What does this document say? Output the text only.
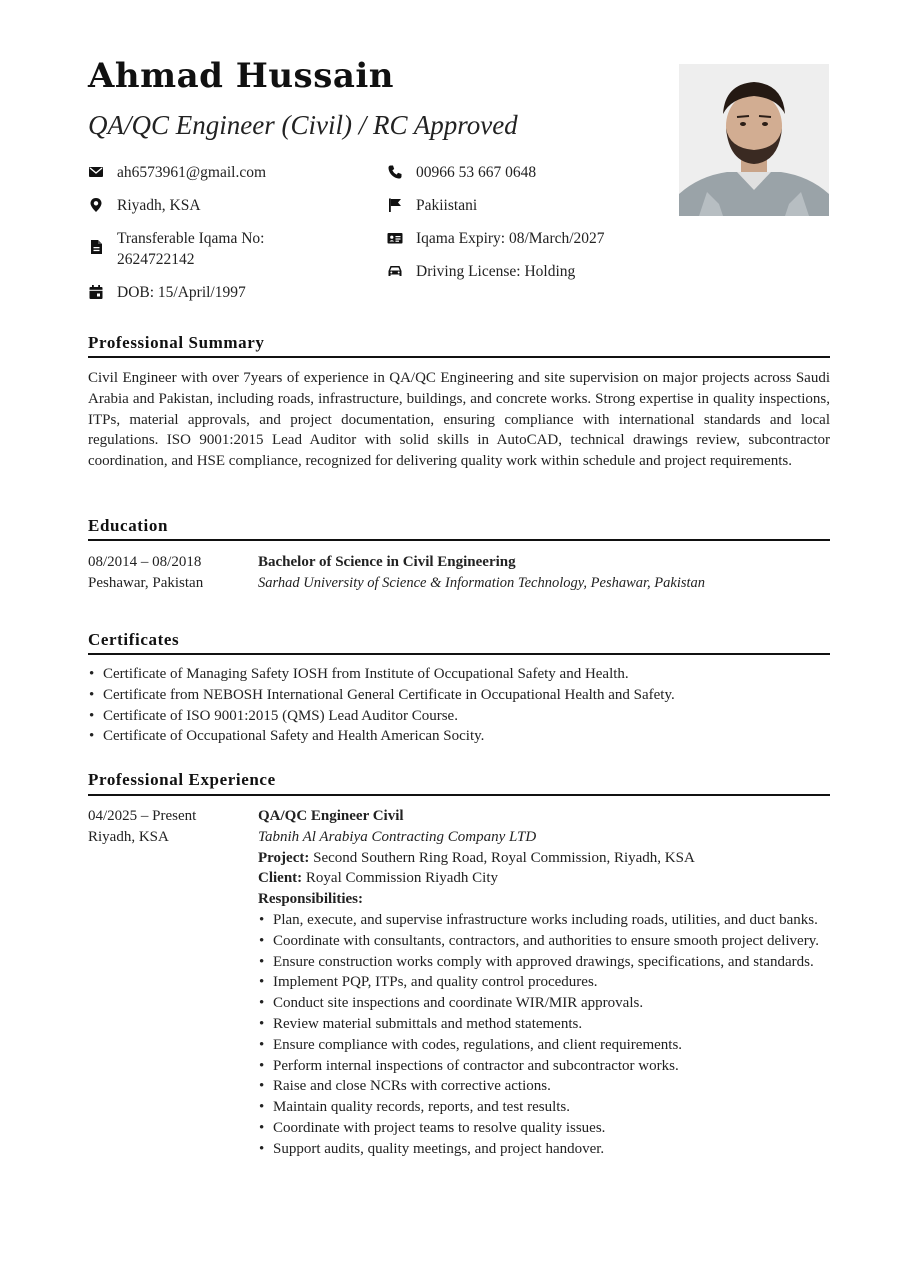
Ahmad Hussain
QA/QC Engineer (Civil) / RC Approved
ah6573961@gmail.com
Riyadh, KSA
Transferable Iqama No:
2624722142
DOB: 15/April/1997
00966 53 667 0648
Pakiistani
Iqama Expiry: 08/March/2027
Driving License: Holding
Professional Summary
Civil Engineer with over 7years of experience in QA/QC Engineering and site supervision on major projects across Saudi Arabia and Pakistan, including roads, infrastructure, buildings, and concrete works. Strong expertise in quality inspections, ITPs, material approvals, and project documentation, ensuring compliance with international standards and local regulations. ISO 9001:2015 Lead Auditor with solid skills in AutoCAD, technical drawings review, subcontractor coordination, and HSE compliance, recognized for delivering quality work within schedule and project requirements.
Education
08/2014 – 08/2018
Peshawar, Pakistan
Bachelor of Science in Civil Engineering
Sarhad University of Science & Information Technology, Peshawar, Pakistan
Certificates
• Certificate of Managing Safety IOSH from Institute of Occupational Safety and Health.
• Certificate from NEBOSH International General Certificate in Occupational Health and Safety.
• Certificate of ISO 9001:2015 (QMS) Lead Auditor Course.
• Certificate of Occupational Safety and Health American Socity.
Professional Experience
04/2025 – Present
Riyadh, KSA
QA/QC Engineer Civil
Tabnih Al Arabiya Contracting Company LTD
Project: Second Southern Ring Road, Royal Commission, Riyadh, KSA
Client: Royal Commission Riyadh City
Responsibilities:
• Plan, execute, and supervise infrastructure works including roads, utilities, and duct banks.
• Coordinate with consultants, contractors, and authorities to ensure smooth project delivery.
• Ensure construction works comply with approved drawings, specifications, and standards.
• Implement PQP, ITPs, and quality control procedures.
• Conduct site inspections and coordinate WIR/MIR approvals.
• Review material submittals and method statements.
• Ensure compliance with codes, regulations, and client requirements.
• Perform internal inspections of contractor and subcontractor works.
• Raise and close NCRs with corrective actions.
• Maintain quality records, reports, and test results.
• Coordinate with project teams to resolve quality issues.
• Support audits, quality meetings, and project handover.
